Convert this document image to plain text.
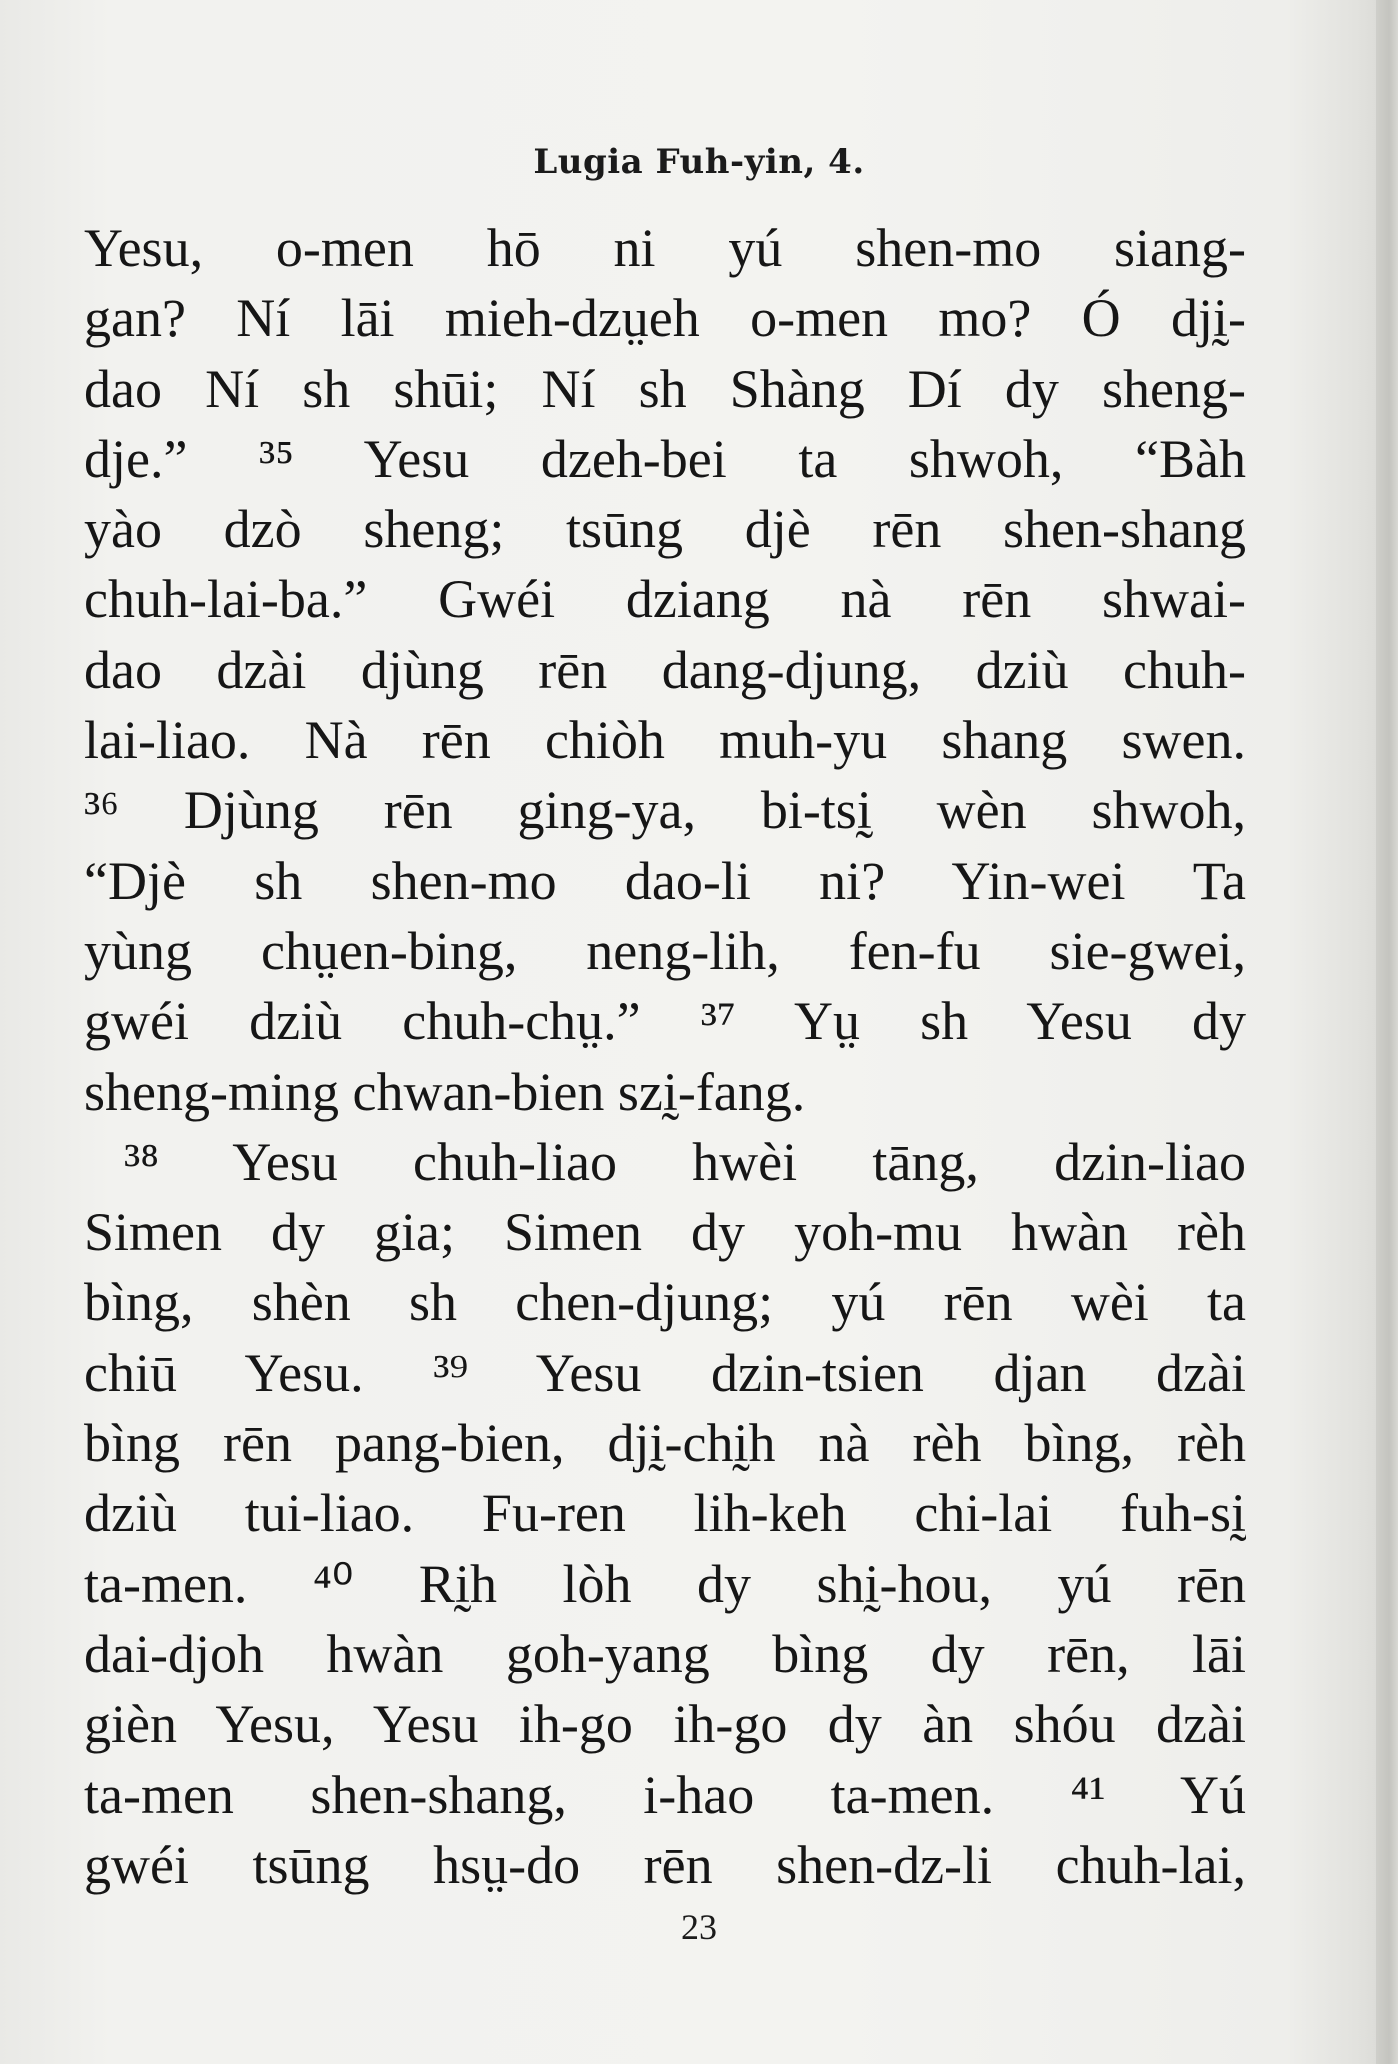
Lugia Fuh-yin, 4.
Yesu, o-men hō ni yú shen-mo siang-
gan? Ní lāi mieh-dzṳeh o-men mo? Ó djḭ-
dao Ní sh shūi; Ní sh Shàng Dí dy sheng-
dje.” ³⁵ Yesu dzeh-bei ta shwoh, “Bàh
yào dzò sheng; tsūng djè rēn shen-shang
chuh-lai-ba.” Gwéi dziang nà rēn shwai-
dao dzài djùng rēn dang-djung, dziù chuh-
lai-liao. Nà rēn chiòh muh-yu shang swen.
³⁶ Djùng rēn ging-ya, bi-tsḭ wèn shwoh,
“Djè sh shen-mo dao-li ni? Yin-wei Ta
yùng chṳen-bing, neng-lih, fen-fu sie-gwei,
gwéi dziù chuh-chṳ.” ³⁷ Yṳ sh Yesu dy
sheng-ming chwan-bien szḭ-fang.
³⁸ Yesu chuh-liao hwèi tāng, dzin-liao
Simen dy gia; Simen dy yoh-mu hwàn rèh
bìng, shèn sh chen-djung; yú rēn wèi ta
chiū Yesu. ³⁹ Yesu dzin-tsien djan dzài
bìng rēn pang-bien, djḭ-chḭh nà rèh bìng, rèh
dziù tui-liao. Fu-ren lih-keh chi-lai fuh-sḭ
ta-men. ⁴⁰ Rḭh lòh dy shḭ-hou, yú rēn
dai-djoh hwàn goh-yang bìng dy rēn, lāi
gièn Yesu, Yesu ih-go ih-go dy àn shóu dzài
ta-men shen-shang, i-hao ta-men. ⁴¹ Yú
gwéi tsūng hsṳ-do rēn shen-dz-li chuh-lai,
23
